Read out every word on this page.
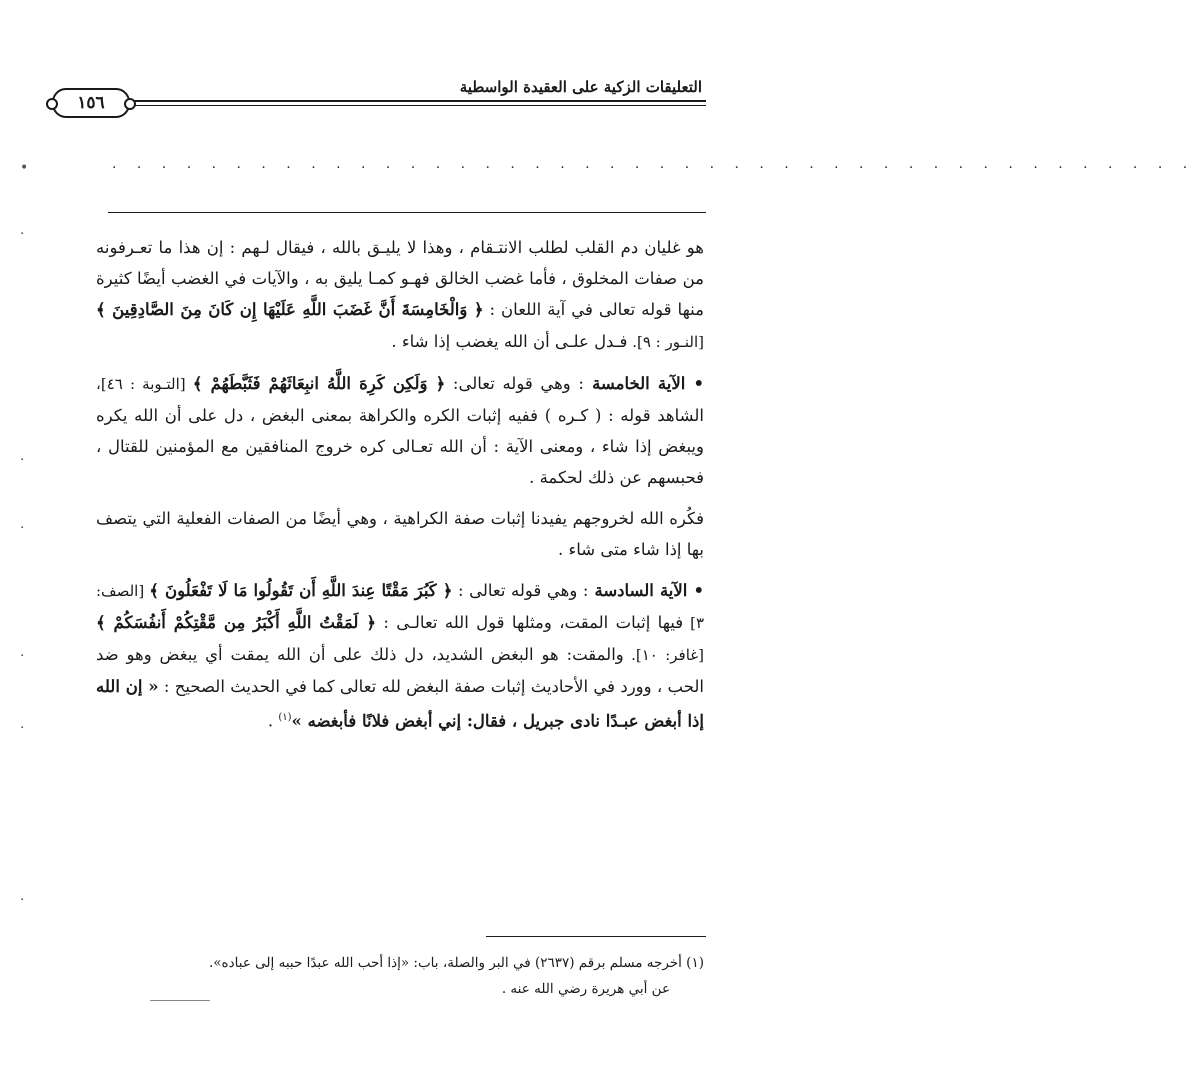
التعليقات الزكية على العقيدة الواسطية
١٥٦
· · · · · · · · · · · · · · · · · · · · · · · · · · · · · · · · · · · · · · · · · · · ·
•
·
·
·
·
·
·

هو غليان دم القلب لطلب الانتـقام ، وهذا لا يليـق بالله ، فيقال لـهم : إن هذا ما تعـرفونه من صفات المخلوق ، فأما غضب الخالق فهـو كمـا يليق به ، والآيات في الغضب أيضًا كثيرة منها قوله تعالى في آية اللعان : ﴿ وَالْخَامِسَةَ أَنَّ غَضَبَ اللَّهِ عَلَيْهَا إِن كَانَ مِنَ الصَّادِقِينَ ﴾ [النـور : ٩]. فـدل علـى أن الله يغضب إذا شاء .

• الآية الخامسة : وهي قوله تعالى: ﴿ وَلَكِن كَرِهَ اللَّهُ انبِعَاثَهُمْ فَثَبَّطَهُمْ ﴾ [التـوبة : ٤٦]، الشاهد قوله : ( كـره ) ففيه إثبات الكره والكراهة بمعنى البغض ، دل على أن الله يكره ويبغض إذا شاء ، ومعنى الآية : أن الله تعـالى كره خروج المنافقين مع المؤمنين للقتال ، فحبسهم عن ذلك لحكمة .

فكُره الله لخروجهم يفيدنا إثبات صفة الكراهية ، وهي أيضًا من الصفات الفعلية التي يتصف بها إذا شاء متى شاء .

• الآية السادسة : وهي قوله تعالى : ﴿ كَبُرَ مَقْتًا عِندَ اللَّهِ أَن تَقُولُوا مَا لَا تَفْعَلُونَ ﴾ [الصف: ٣] فيها إثبات المقت، ومثلها قول الله تعالـى : ﴿ لَمَقْتُ اللَّهِ أَكْبَرُ مِن مَّقْتِكُمْ أَنفُسَكُمْ ﴾ [غافر: ١٠]. والمقت: هو البغض الشديد، دل ذلك على أن الله يمقت أي يبغض وهو ضد الحب ، وورد في الأحاديث إثبات صفة البغض لله تعالى كما في الحديث الصحيح : « إن الله إذا أبغض عبـدًا نادى جبريل ، فقال: إني أبغض فلانًا فأبغضه »$^{(١)}$ .

(١) أخرجه مسلم برقم (٢٦٣٧) في البر والصلة، باب: «إذا أحب الله عبدًا حببه إلى عباده».

عن أبي هريرة رضي الله عنه .
